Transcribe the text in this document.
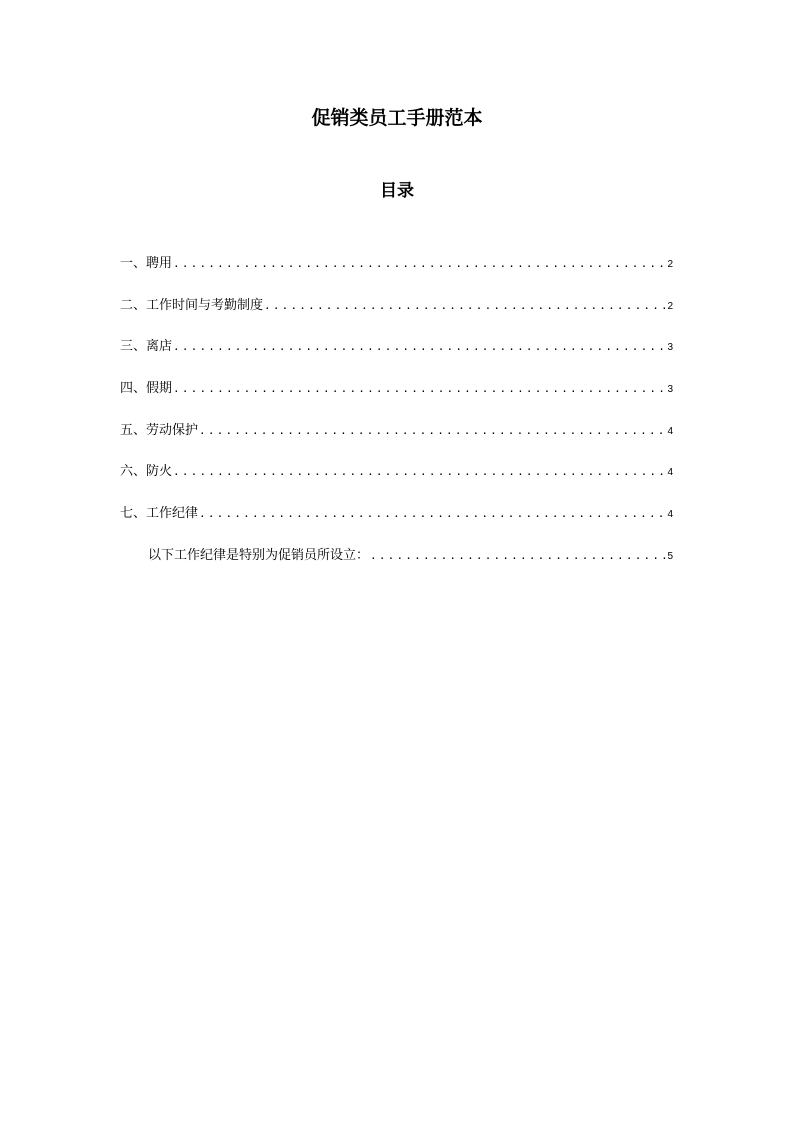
促销类员工手册范本
目录
一、聘用 .....	2
二、工作时间与考勤制度 .....	2
三、离店 .....	3
四、假期 .....	3
五、劳动保护 .....	4
六、防火 .....	4
七、工作纪律 .....	4
以下工作纪律是特别为促销员所设立： .....	5
